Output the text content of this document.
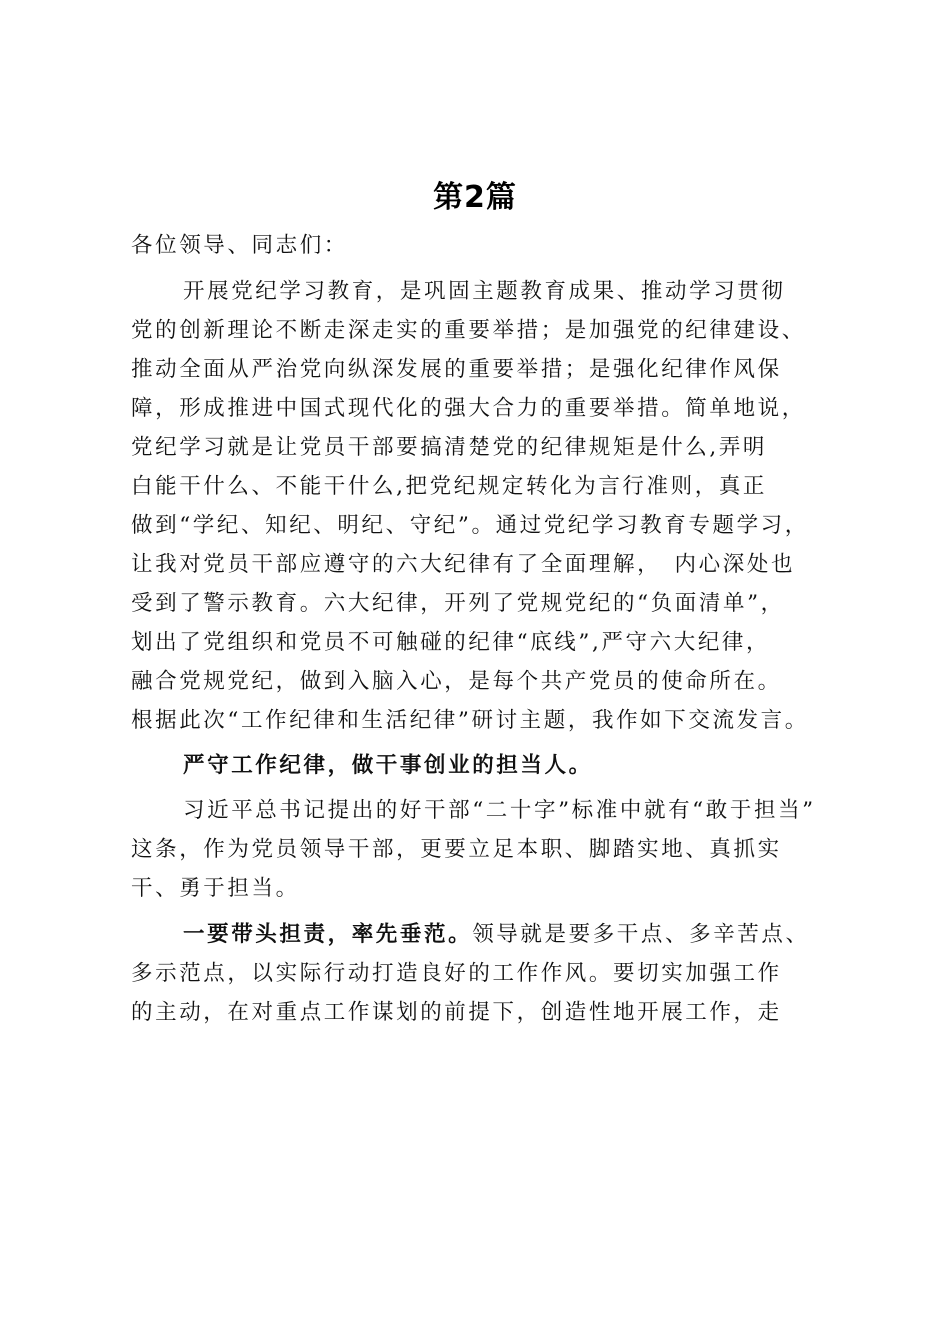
第2篇
各位领导、同志们：
开展党纪学习教育，是巩固主题教育成果、推动学习贯彻
党的创新理论不断走深走实的重要举措；是加强党的纪律建设、
推动全面从严治党向纵深发展的重要举措；是强化纪律作风保
障，形成推进中国式现代化的强大合力的重要举措。简单地说，
党纪学习就是让党员干部要搞清楚党的纪律规矩是什么,弄明
白能干什么、不能干什么,把党纪规定转化为言行准则，真正
做到“学纪、知纪、明纪、守纪”。通过党纪学习教育专题学习，
让我对党员干部应遵守的六大纪律有了全面理解，　内心深处也
受到了警示教育。六大纪律，开列了党规党纪的“负面清单”，
划出了党组织和党员不可触碰的纪律“底线”,严守六大纪律，
融合党规党纪，做到入脑入心，是每个共产党员的使命所在。
根据此次“工作纪律和生活纪律”研讨主题，我作如下交流发言。
严守工作纪律，做干事创业的担当人。
习近平总书记提出的好干部“二十字”标准中就有“敢于担当”
这条，作为党员领导干部，更要立足本职、脚踏实地、真抓实
干、勇于担当。
一要带头担责，率先垂范。领导就是要多干点、多辛苦点、
多示范点，以实际行动打造良好的工作作风。要切实加强工作
的主动，在对重点工作谋划的前提下，创造性地开展工作，走
